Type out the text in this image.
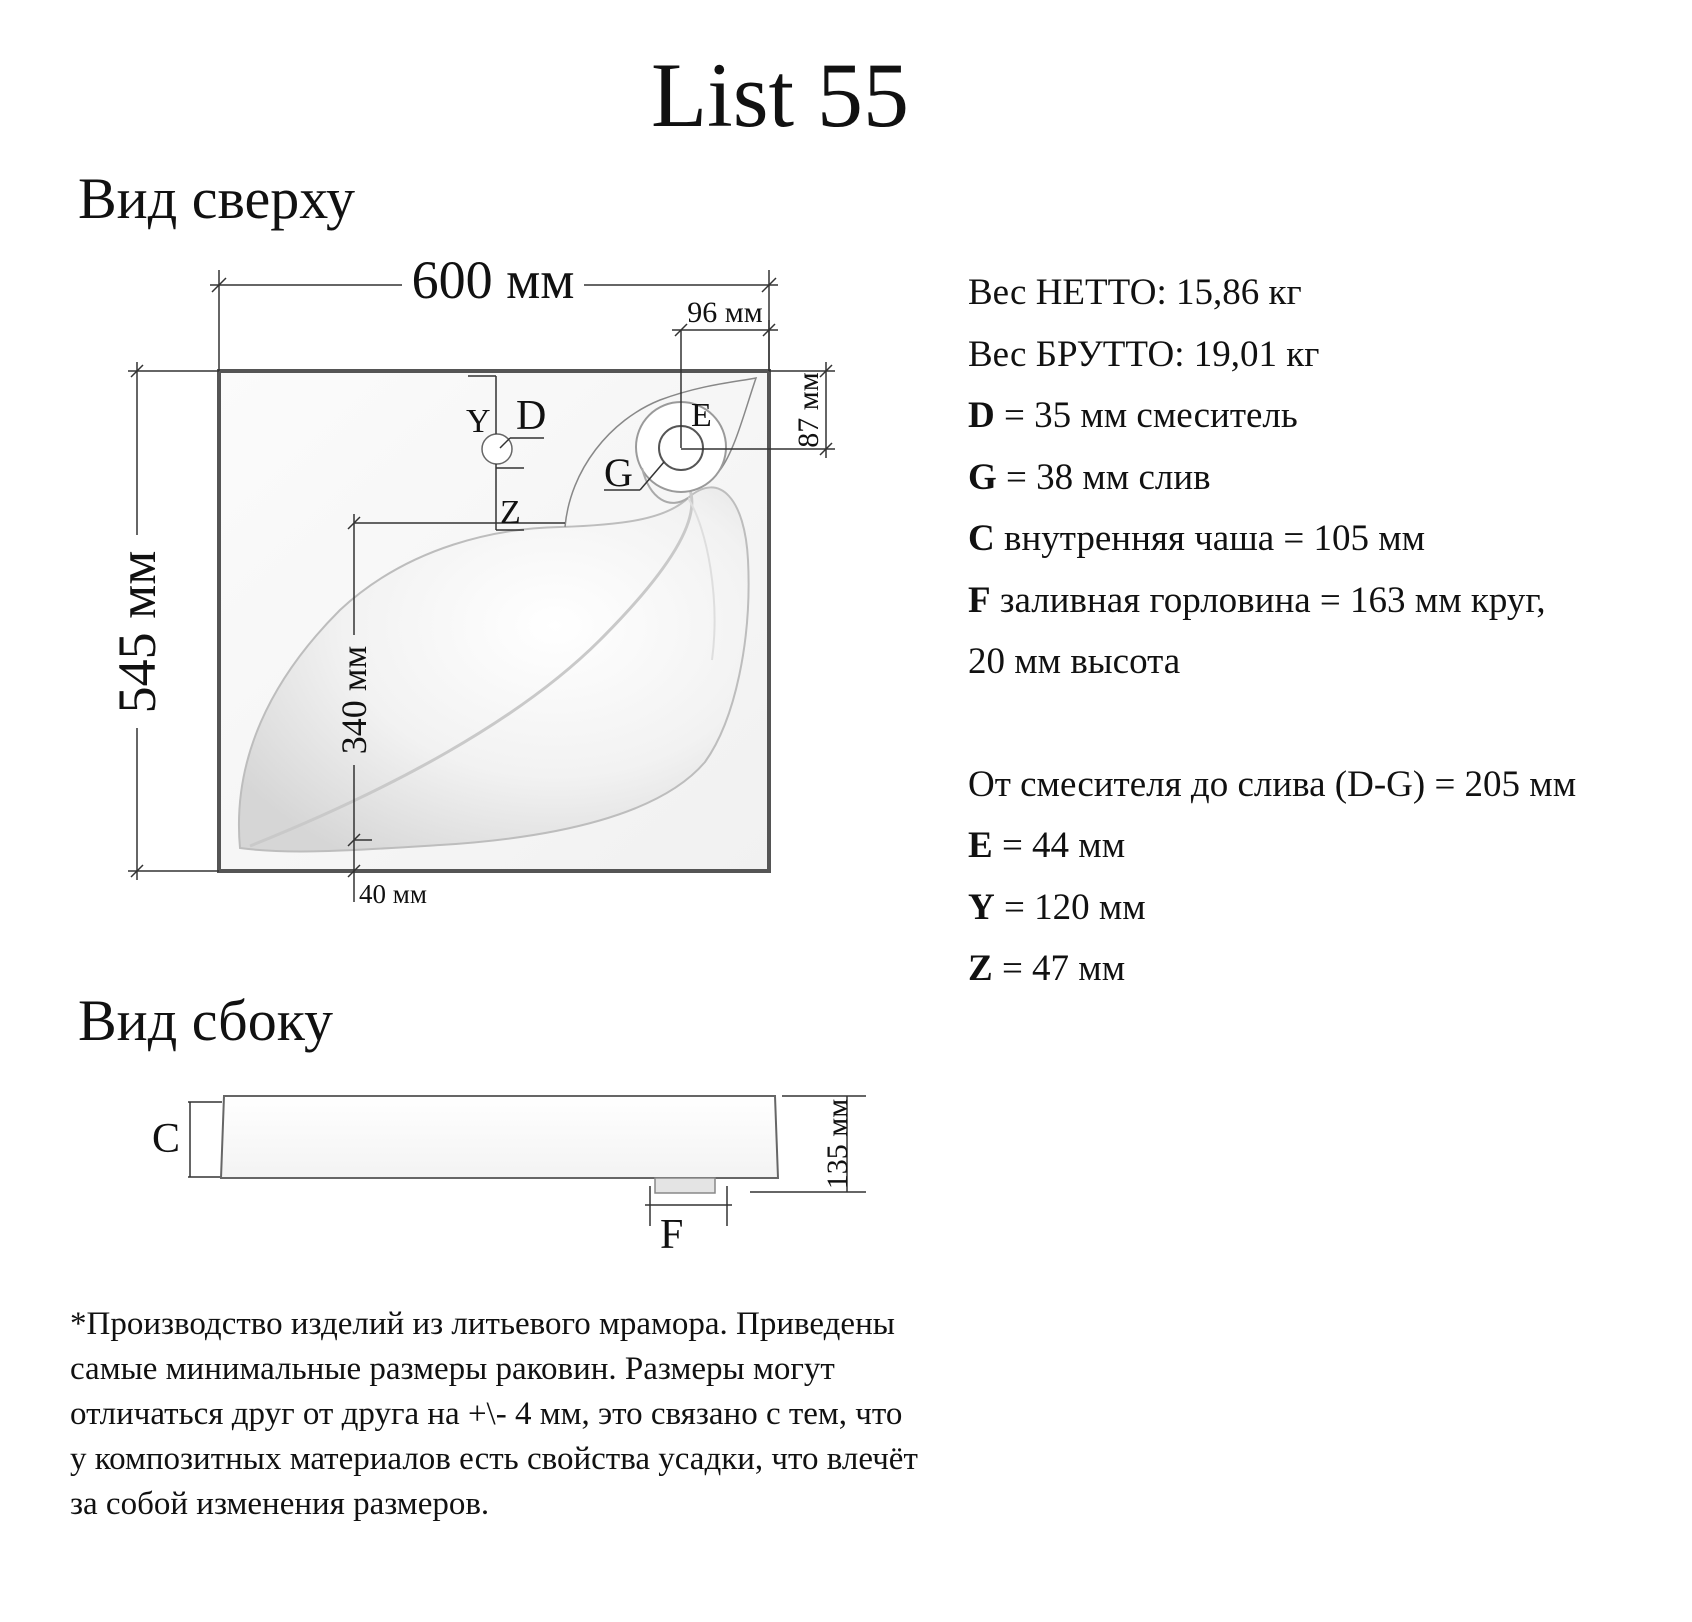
List 55
Вид сверху
Вид сбоку
600 мм
96 мм
87 мм
545 мм	340 мм
40 мм
Y D
Z
G
E
C
F
135 мм
Вес НЕТТО: 15,86 кг
Вес БРУТТО: 19,01 кг
D = 35 мм смеситель
G = 38 мм слив
C внутренняя чаша = 105 мм
F заливная горловина = 163 мм круг,
20 мм высота
От смесителя до слива (D-G) = 205 мм
E = 44 мм
Y = 120 мм
Z = 47 мм
*Производство изделий из литьевого мрамора. Приведены
самые минимальные размеры раковин. Размеры могут
отличаться друг от друга на +\- 4 мм, это связано с тем, что
у композитных материалов есть свойства усадки, что влечёт
за собой изменения размеров.
